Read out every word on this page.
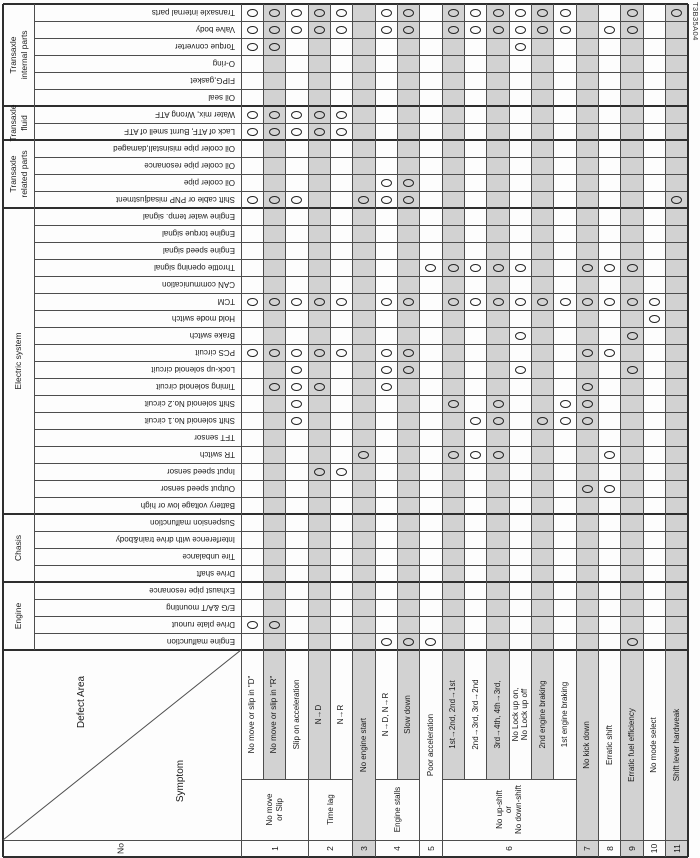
Transaxle internal parts
Transaxle internal parts
Valve body
Torque converter
O-ring
FIPG,gasket
Oil seal
Transaxle fluid
Water mix, Wrong ATF
Lack of ATF, Burnt smell of ATF
Transaxle related parts
Oil cooler pipe misinstall,damaged
Oil cooler pipe resonance
Oil cooler pipe
Shift cable or PNP misadjustment
Electric system
Engine water temp. signal
Engine torque signal
Engine speed signal
Throttle opening signal
CAN communication
TCM
Hold mode switch
Brake switch
PCS circuit
Lock-up solenoid circuit
Timing solenoid circuit
Shift solenoid No.2 circuit
Shift solenoid No.1 circuit
TFT sensor
TR switch
Input speed sensor
Output speed sensor
Battery voltage low or high
Chasis
Suspension malfunction
Interference with drive train&body
Tire unbalance
Drive shaft
Engine
Exhaust pipe resonance
E/G &A/T mounting
Drive plate runout
Engine malfunction
No move or slip in "D" No move or slip in "R" Slip on acceleration
No move or Slip
1
N→D N→R
Time lag
2
No engine start
3
N→D, N→R Slow down
Engine stalls
4
Poor acceleration
5
1st→2nd, 2nd→1st 2nd→3rd, 3rd→2nd 3rd→4th, 4th→3rd, No Lock up on, No Lock up off 2nd engine braking 1st engine braking
No up-shift or No down-shift
6
No kick down
7
Erratic shift
8
Erratic fuel efficiency
9
No mode select
10
Shift lever hardweak
11
Defect Area
Symptom
No
T3B35A04
